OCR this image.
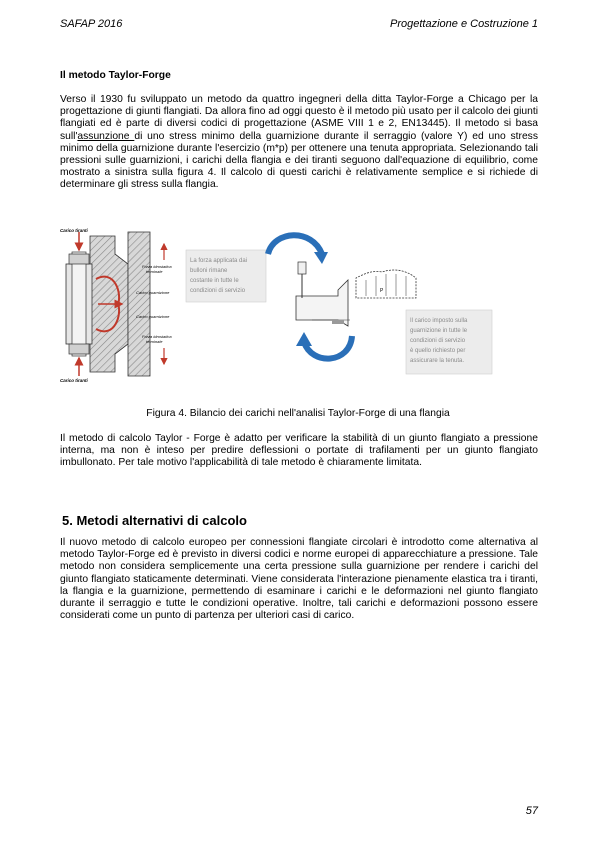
SAFAP 2016	Progettazione e Costruzione 1
Il metodo Taylor-Forge

Verso il 1930 fu sviluppato un metodo da quattro ingegneri della ditta Taylor-Forge a Chicago per la progettazione di giunti flangiati. Da allora fino ad oggi questo è il metodo più usato per il calcolo dei giunti flangiati ed è parte di diversi codici di progettazione (ASME VIII 1 e 2, EN13445). Il metodo si basa sull'assunzione di uno stress minimo della guarnizione durante il serraggio (valore Y) ed uno stress minimo della guarnizione durante l'esercizio (m*p) per ottenere una tenuta appropriata. Selezionando tali pressioni sulle guarnizioni, i carichi della flangia e dei tiranti seguono dall'equazione di equilibrio, come mostrato a sinistra sulla figura 4. Il calcolo di questi carichi è relativamente semplice e si richiede di determinare gli stress sulla flangia.

Carico tiranti
Forza idrostatica
terminale
Carico guarnizione
Carico guarnizione
Forza idrostatica
terminale
Carico tiranti
La forza applicata dai
bulloni rimane
costante in tutte le
condizioni di servizio	P
Il carico imposto sulla
guarnizione in tutte le
condizioni di servizio
è quello richiesto per
assicurare la tenuta.
Figura 4. Bilancio dei carichi nell'analisi Taylor-Forge di una flangia

Il metodo di calcolo Taylor - Forge è adatto per verificare la stabilità di un giunto flangiato a pressione interna, ma non è inteso per predire deflessioni o portate di trafilamenti per un giunto flangiato imbullonato. Per tale motivo l'applicabilità di tale metodo è chiaramente limitata.

5. Metodi alternativi di calcolo

Il nuovo metodo di calcolo europeo per connessioni flangiate circolari è introdotto come alternativa al metodo Taylor-Forge ed è previsto in diversi codici e norme europei di apparecchiature a pressione. Tale metodo non considera semplicemente una certa pressione sulla guarnizione per rendere i carichi del giunto flangiato staticamente determinati. Viene considerata l'interazione pienamente elastica tra i tiranti, la flangia e la guarnizione, permettendo di esaminare i carichi e le deformazioni nel giunto flangiato durante il serraggio e tutte le condizioni operative. Inoltre, tali carichi e deformazioni possono essere considerati come un punto di partenza per ulteriori casi di carico.

57
